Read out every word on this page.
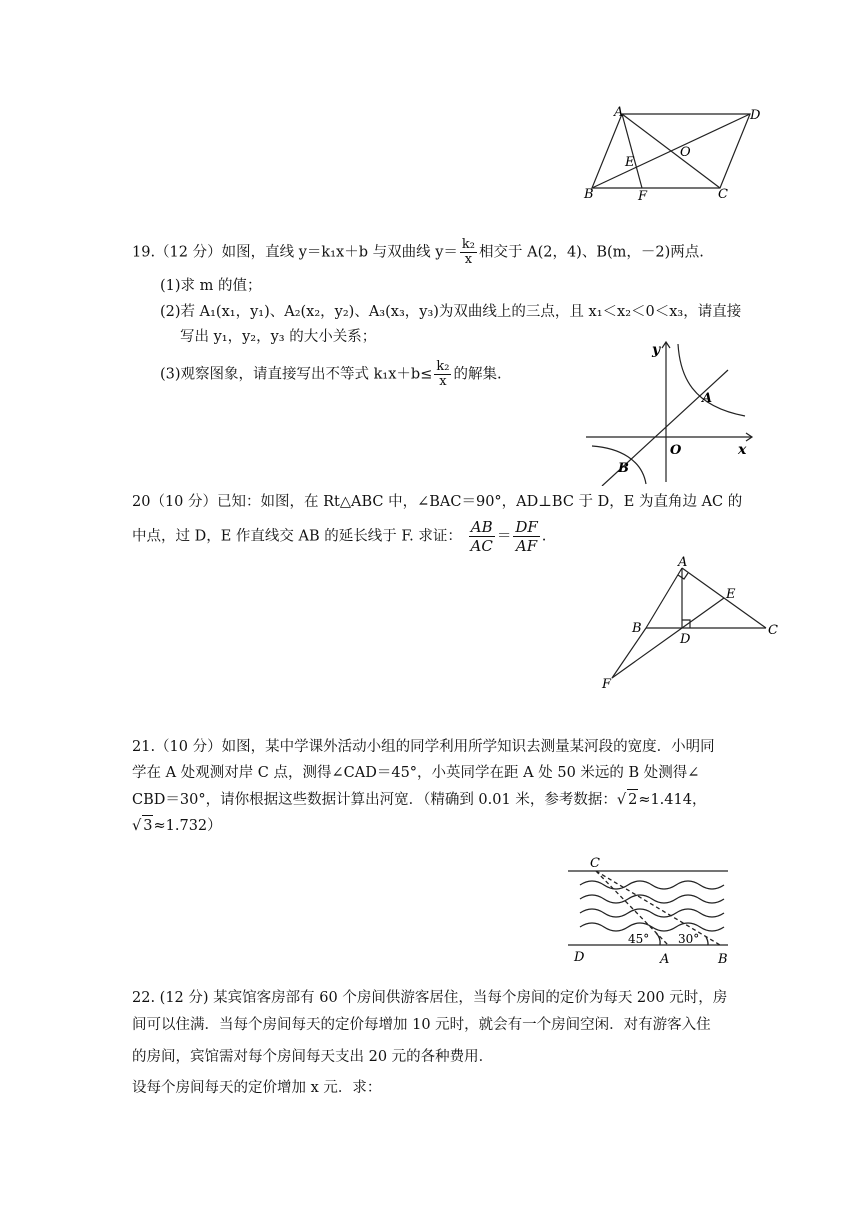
A	D
O
E
B	F	C
19.（12 分）如图，直线 y＝k₁x＋b 与双曲线 $y= \frac{\text{k₂}}{x}$ 相交于 A(2，4)、B(m，－2)两点.
(1)求 m 的值；
(2)若 A₁(x₁，y₁)、A₂(x₂，y₂)、A₃(x₃，y₃)为双曲线上的三点，且 x₁＜x₂＜0＜x₃，请直接
写出 y₁，y₂，y₃ 的大小关系；
(3)观察图象，请直接写出不等式 $k_1x+b\le \frac{\text{k₂}}{x}$ 的解集.
y
x
O
A
B
20（10 分）已知：如图，在 Rt△ABC 中，∠BAC＝90°，AD⊥BC 于 D，E 为直角边 AC 的
中点，过 D，E 作直线交 AB 的延长线于 F. 求证： $\frac{AB}{AC} = \frac{DF}{AF}$ .
A
E
B
D
C
F
21.（10 分）如图，某中学课外活动小组的同学利用所学知识去测量某河段的宽度．小明同
学在 A 处观测对岸 C 点，测得∠CAD＝45°，小英同学在距 A 处 50 米远的 B 处测得∠
CBD＝30°，请你根据这些数据计算出河宽．（精确到 0.01 米，参考数据：√ 2≈1.414，
√ 3≈1.732）
C
D	A	B
45° 30°
22. (12 分) 某宾馆客房部有 60 个房间供游客居住，当每个房间的定价为每天 200 元时，房
间可以住满．当每个房间每天的定价每增加 10 元时，就会有一个房间空闲．对有游客入住
的房间，宾馆需对每个房间每天支出 20 元的各种费用．
设每个房间每天的定价增加 x 元．求：
